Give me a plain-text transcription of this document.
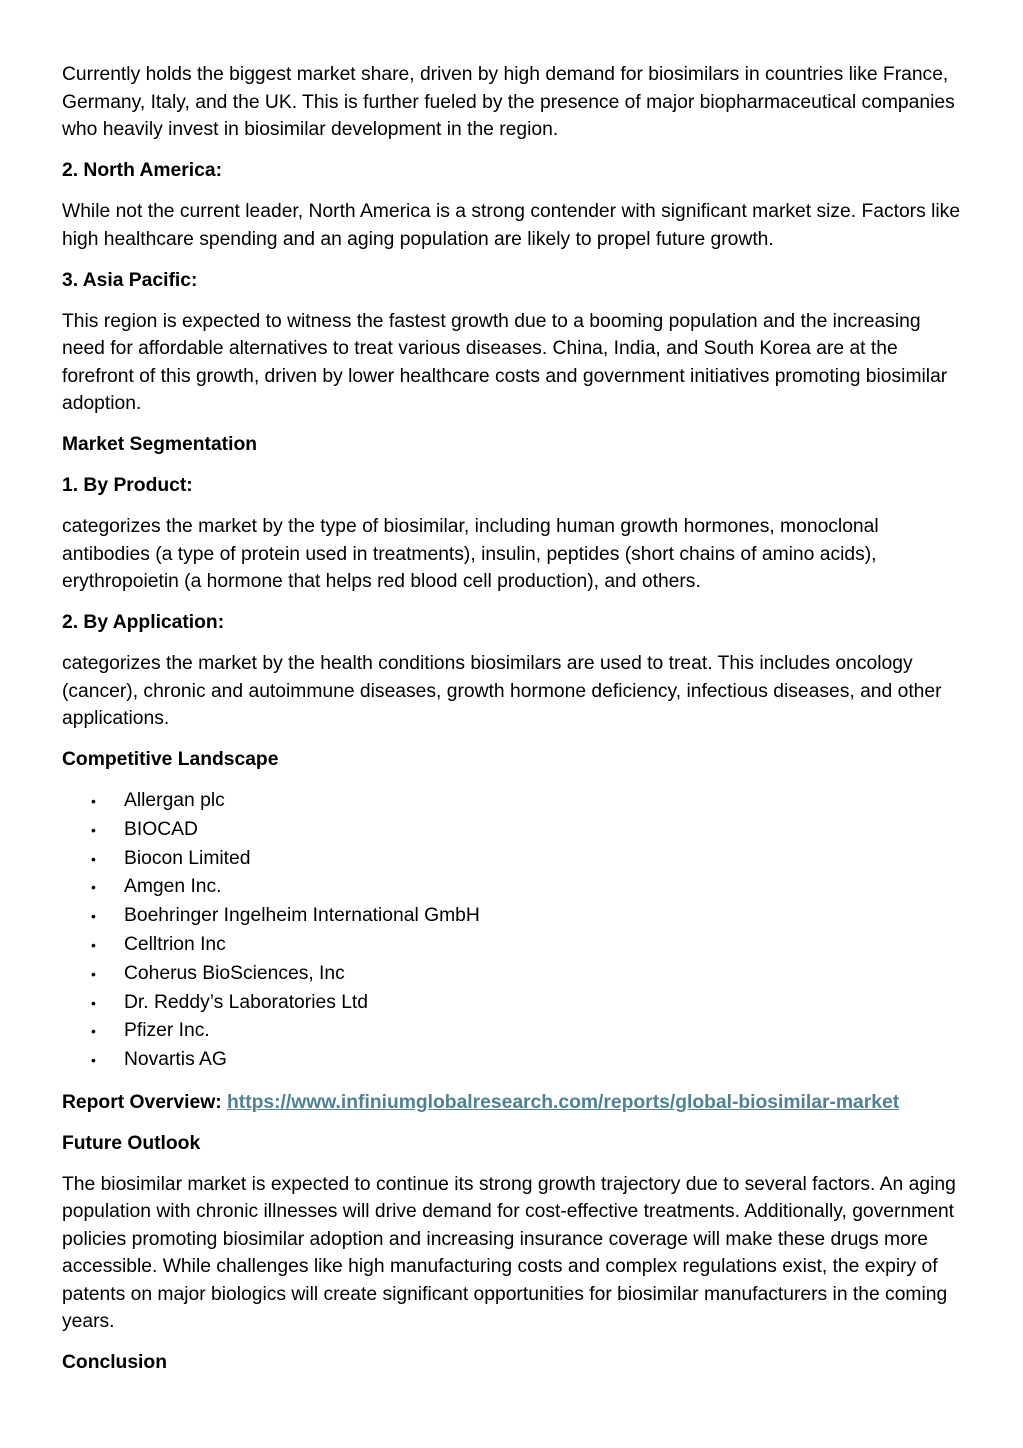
Currently holds the biggest market share, driven by high demand for biosimilars in countries like France, Germany, Italy, and the UK. This is further fueled by the presence of major biopharmaceutical companies who heavily invest in biosimilar development in the region.

2. North America:

While not the current leader, North America is a strong contender with significant market size. Factors like high healthcare spending and an aging population are likely to propel future growth.

3. Asia Pacific:

This region is expected to witness the fastest growth due to a booming population and the increasing need for affordable alternatives to treat various diseases. China, India, and South Korea are at the forefront of this growth, driven by lower healthcare costs and government initiatives promoting biosimilar adoption.

Market Segmentation

1. By Product:

categorizes the market by the type of biosimilar, including human growth hormones, monoclonal antibodies (a type of protein used in treatments), insulin, peptides (short chains of amino acids), erythropoietin (a hormone that helps red blood cell production), and others.

2. By Application:

categorizes the market by the health conditions biosimilars are used to treat. This includes oncology (cancer), chronic and autoimmune diseases, growth hormone deficiency, infectious diseases, and other applications.

Competitive Landscape

• Allergan plc
• BIOCAD
• Biocon Limited
• Amgen Inc.
• Boehringer Ingelheim International GmbH
• Celltrion Inc
• Coherus BioSciences, Inc
• Dr. Reddy’s Laboratories Ltd
• Pfizer Inc.
• Novartis AG

Report Overview: https://www.infiniumglobalresearch.com/reports/global-biosimilar-market

Future Outlook

The biosimilar market is expected to continue its strong growth trajectory due to several factors. An aging population with chronic illnesses will drive demand for cost-effective treatments. Additionally, government policies promoting biosimilar adoption and increasing insurance coverage will make these drugs more accessible. While challenges like high manufacturing costs and complex regulations exist, the expiry of patents on major biologics will create significant opportunities for biosimilar manufacturers in the coming years.

Conclusion
